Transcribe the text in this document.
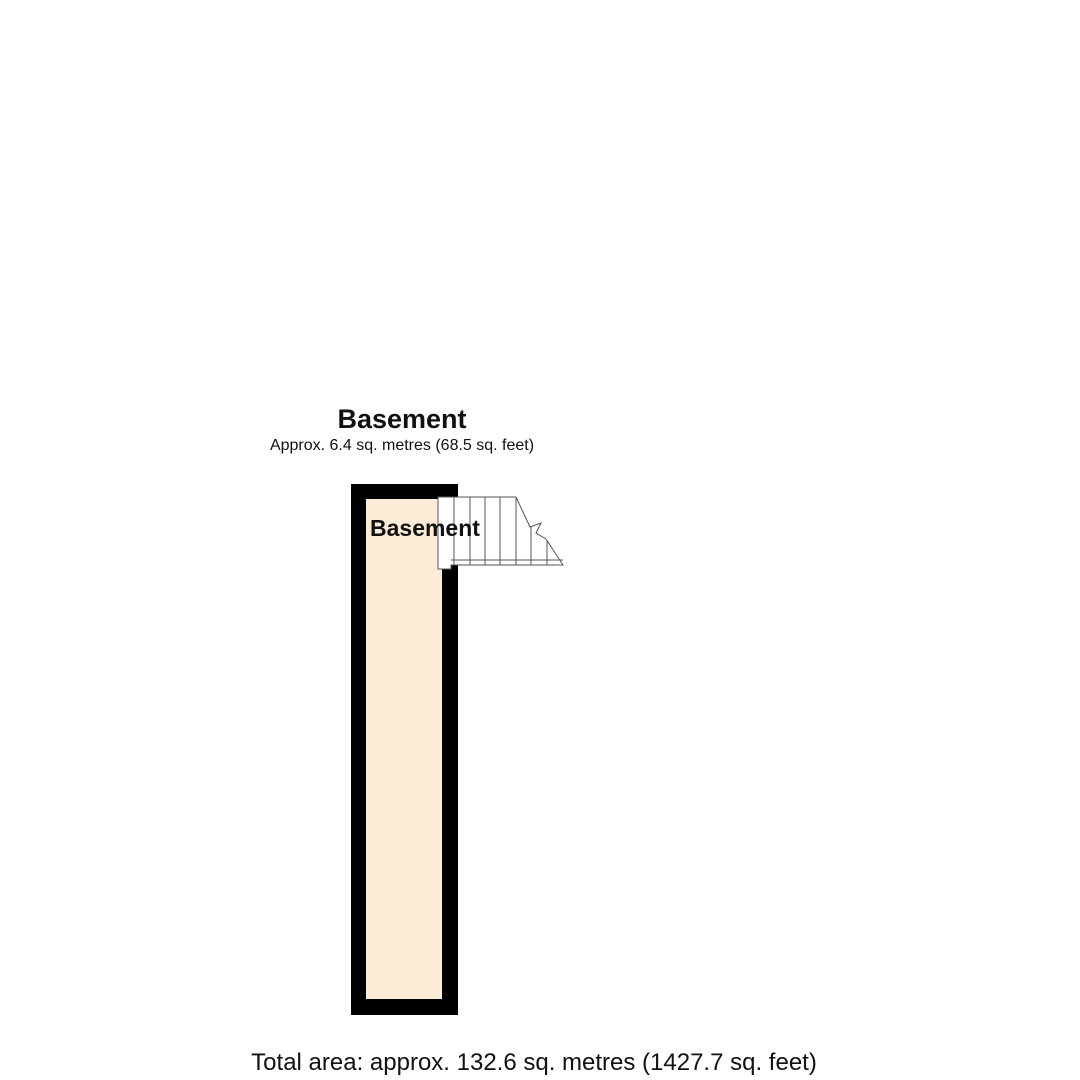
Basement
Approx. 6.4 sq. metres (68.5 sq. feet)
Basement
Total area: approx. 132.6 sq. metres (1427.7 sq. feet)
